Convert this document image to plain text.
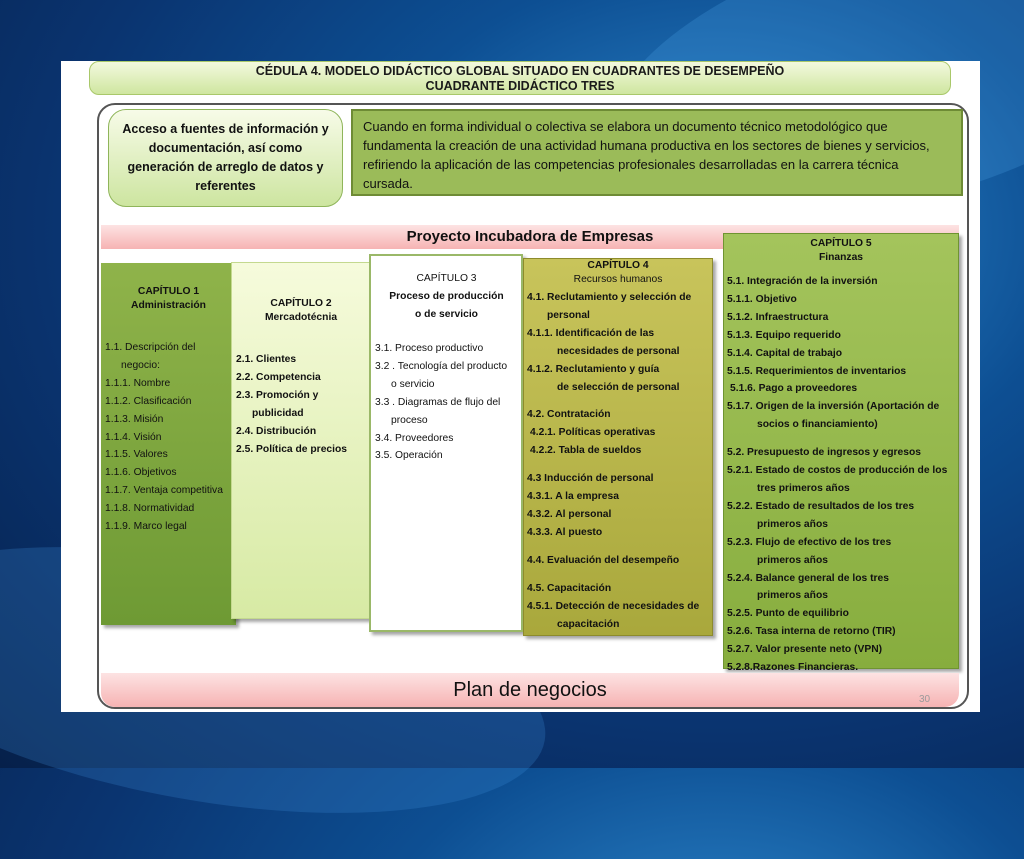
CÉDULA 4. MODELO DIDÁCTICO GLOBAL SITUADO EN CUADRANTES DE DESEMPEÑO
CUADRANTE DIDÁCTICO TRES
Acceso a fuentes de información y documentación, así como generación de arreglo de datos y referentes
Cuando en forma individual o colectiva se elabora un documento técnico metodológico que fundamenta la creación de una actividad humana productiva en los sectores de bienes y servicios, refiriendo la aplicación de las competencias profesionales desarrolladas en la carrera técnica cursada.
Proyecto Incubadora de Empresas
CAPÍTULO 1
Administración
1.1. Descripción del
negocio:
1.1.1. Nombre
1.1.2. Clasificación
1.1.3. Misión
1.1.4. Visión
1.1.5. Valores
1.1.6. Objetivos
1.1.7. Ventaja competitiva
1.1.8. Normatividad
1.1.9. Marco legal
CAPÍTULO 2
Mercadotécnia
2.1. Clientes
2.2. Competencia
2.3. Promoción y
publicidad
2.4. Distribución
2.5. Política de precios
CAPÍTULO 3
Proceso de producción
o de servicio
3.1. Proceso productivo
3.2 . Tecnología del producto
o servicio
3.3 . Diagramas de flujo del
proceso
3.4. Proveedores
3.5. Operación
CAPÍTULO 4
Recursos humanos
4.1. Reclutamiento y selección de
personal
4.1.1. Identificación de las
necesidades de personal
4.1.2. Reclutamiento y guía
de selección de personal
4.2. Contratación
4.2.1. Políticas operativas
4.2.2. Tabla de sueldos
4.3 Inducción de personal
4.3.1. A la empresa
4.3.2. Al personal
4.3.3. Al puesto
4.4. Evaluación del desempeño
4.5. Capacitación
4.5.1. Detección de necesidades de
capacitación
CAPÍTULO 5
Finanzas
5.1. Integración de la inversión
5.1.1. Objetivo
5.1.2. Infraestructura
5.1.3. Equipo requerido
5.1.4. Capital de trabajo
5.1.5. Requerimientos de inventarios
5.1.6. Pago a proveedores
5.1.7. Origen de la inversión (Aportación de
socios o financiamiento)
5.2. Presupuesto de ingresos y egresos
5.2.1. Estado de costos de producción de los
tres primeros años
5.2.2. Estado de resultados de los tres
primeros años
5.2.3. Flujo de efectivo de los tres
primeros años
5.2.4. Balance general de los tres
primeros años
5.2.5. Punto de equilibrio
5.2.6. Tasa interna de retorno (TIR)
5.2.7. Valor presente neto (VPN)
5.2.8.Razones Financieras.
Plan de negocios	30
